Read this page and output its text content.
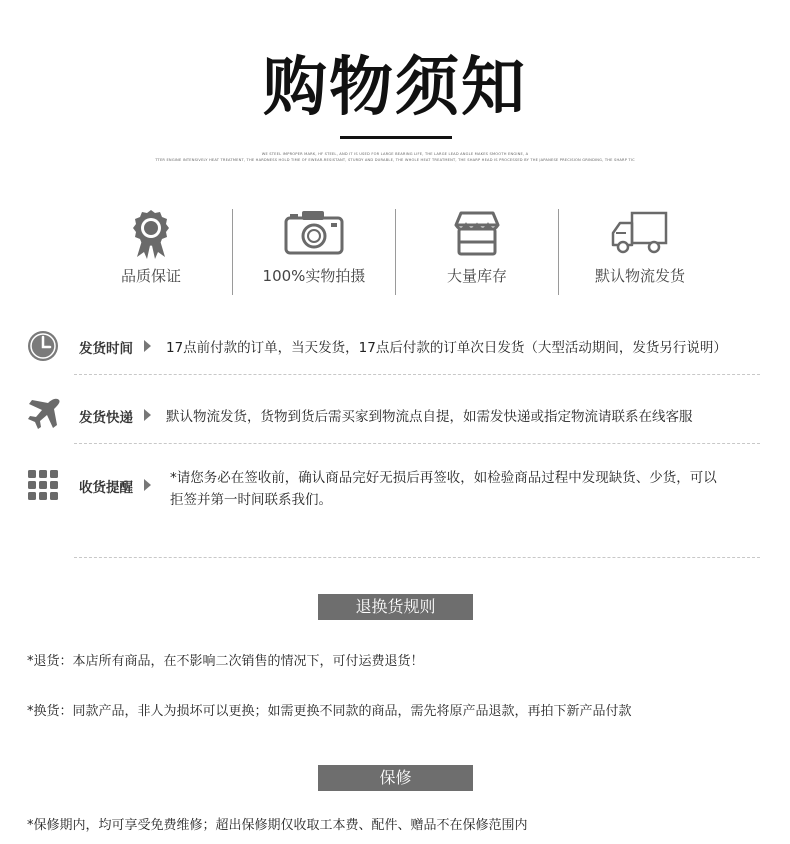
购物须知
WE STEEL IMPROPER MARK, HF STEEL, AND IT IS USED FOR LARGE BEARING LIFE, THE LARGE LEAD ANGLE MAKES SMOOTH ENGINE, A
TTER ENGINE INTENSIVELY HEAT TREATMENT, THE HARDNESS HOLD TIME OF EWEAR-RESISTANT, STURDY AND DURABLE, THE WHOLE HEAT TREATMENT, THE SHARP HEAD IS PROCESSED BY THE JAPANESE PRECISION GRINDING, THE SHARP TIC
品质保证	100%实物拍摄	大量库存	默认物流发货
发货时间 17点前付款的订单，当天发货，17点后付款的订单次日发货（大型活动期间，发货另行说明）
发货快递 默认物流发货，货物到货后需买家到物流点自提，如需发快递或指定物流请联系在线客服
收货提醒
*请您务必在签收前，确认商品完好无损后再签收，如检验商品过程中发现缺货、少货，可以
拒签并第一时间联系我们。
退换货规则
*退货：本店所有商品，在不影响二次销售的情况下，可付运费退货！
*换货：同款产品，非人为损坏可以更换；如需更换不同款的商品，需先将原产品退款，再拍下新产品付款
保修
*保修期内，均可享受免费维修；超出保修期仅收取工本费、配件、赠品不在保修范围内
